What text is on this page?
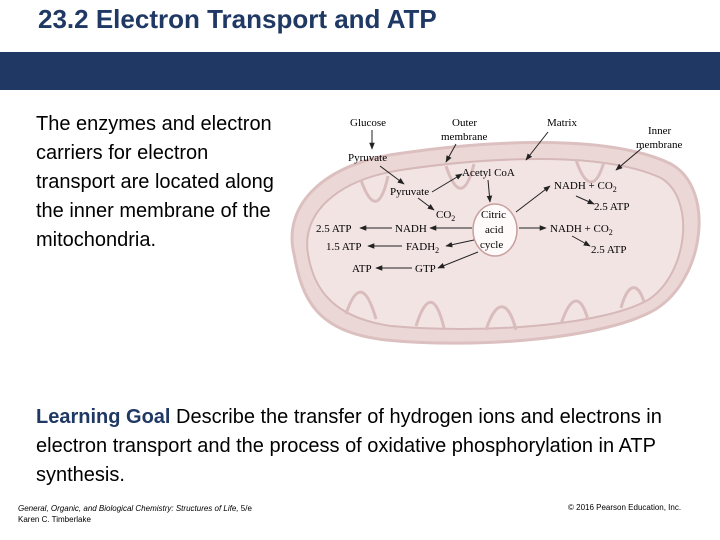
23.2 Electron Transport and ATP

The enzymes and electron carriers for electron transport are located along the inner membrane of the mitochondria.

Glucose
Pyruvate
Outer
membrane
Matrix
Inner
membrane
Acetyl CoA
Pyruvate
$CO_2$
NADH + $CO_2$
2.5 ATP
Citric
acid
cycle
NADH + $CO_2$
2.5 ATP
2.5 ATP	NADH
1.5 ATP	$FADH_2$
ATP	GTP

Learning Goal Describe the transfer of hydrogen ions and electrons in electron transport and the process of oxidative phosphorylation in ATP synthesis.

General, Organic, and Biological Chemistry: Structures of Life, 5/e
Karen C. Timberlake
© 2016 Pearson Education, Inc.
